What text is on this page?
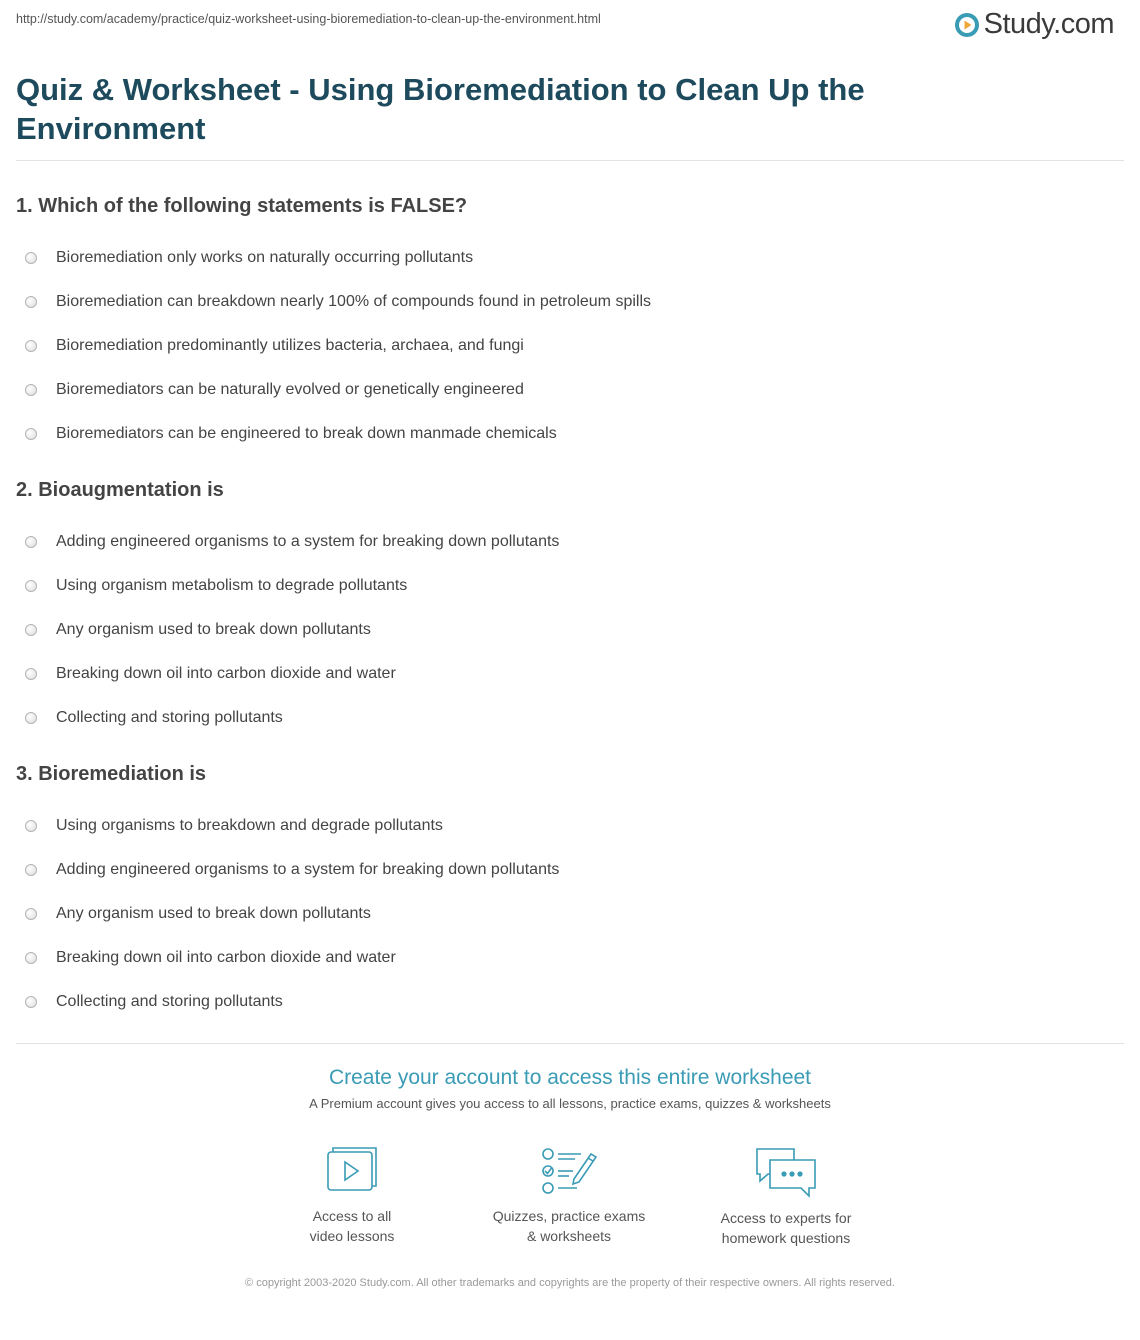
http://study.com/academy/practice/quiz-worksheet-using-bioremediation-to-clean-up-the-environment.html	Study.com
Quiz & Worksheet - Using Bioremediation to Clean Up the Environment
1. Which of the following statements is FALSE?
Bioremediation only works on naturally occurring pollutants
Bioremediation can breakdown nearly 100% of compounds found in petroleum spills
Bioremediation predominantly utilizes bacteria, archaea, and fungi
Bioremediators can be naturally evolved or genetically engineered
Bioremediators can be engineered to break down manmade chemicals
2. Bioaugmentation is
Adding engineered organisms to a system for breaking down pollutants
Using organism metabolism to degrade pollutants
Any organism used to break down pollutants
Breaking down oil into carbon dioxide and water
Collecting and storing pollutants
3. Bioremediation is
Using organisms to breakdown and degrade pollutants
Adding engineered organisms to a system for breaking down pollutants
Any organism used to break down pollutants
Breaking down oil into carbon dioxide and water
Collecting and storing pollutants
Create your account to access this entire worksheet
A Premium account gives you access to all lessons, practice exams, quizzes & worksheets
Access to all
video lessons
Quizzes, practice exams
& worksheets
Access to experts for
homework questions
© copyright 2003-2020 Study.com. All other trademarks and copyrights are the property of their respective owners. All rights reserved.
